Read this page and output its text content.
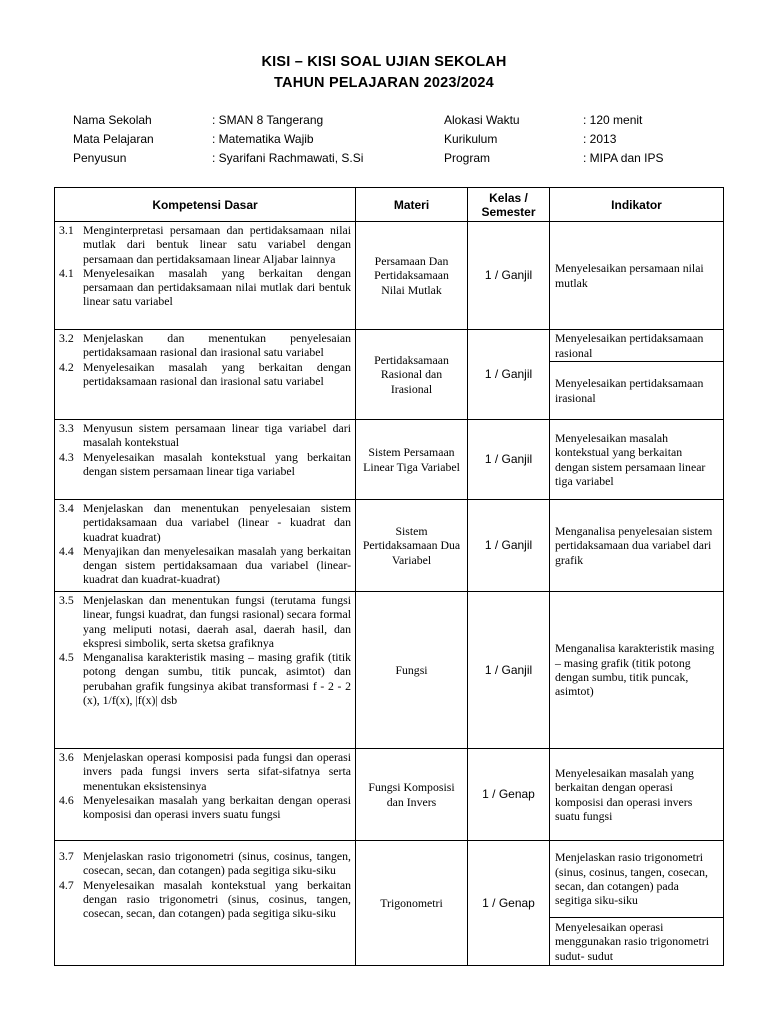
KISI – KISI SOAL UJIAN SEKOLAH
TAHUN PELAJARAN 2023/2024
Nama Sekolah	: SMAN 8 Tangerang	Alokasi Waktu	: 120 menit
Mata Pelajaran	: Matematika Wajib	Kurikulum	: 2013
Penyusun	: Syarifani Rachmawati, S.Si	Program	: MIPA dan IPS
Kompetensi Dasar	Materi	Kelas / Semester	Indikator

3.1 Menginterpretasi persamaan dan pertidaksamaan nilai mutlak dari bentuk linear satu variabel dengan persamaan dan pertidaksamaan linear Aljabar lainnya
4.1 Menyelesaikan masalah yang berkaitan dengan persamaan dan pertidaksamaan nilai mutlak dari bentuk linear satu variabel	Persamaan Dan Pertidaksamaan Nilai Mutlak	1 / Ganjil	Menyelesaikan persamaan nilai mutlak

3.2 Menjelaskan dan menentukan penyelesaian pertidaksamaan rasional dan irasional satu variabel
4.2 Menyelesaikan masalah yang berkaitan dengan pertidaksamaan rasional dan irasional satu variabel	Pertidaksamaan Rasional dan Irasional	1 / Ganjil	Menyelesaikan pertidaksamaan rasional
			Menyelesaikan pertidaksamaan irasional

3.3 Menyusun sistem persamaan linear tiga variabel dari masalah kontekstual
4.3 Menyelesaikan masalah kontekstual yang berkaitan dengan sistem persamaan linear tiga variabel	Sistem Persamaan Linear Tiga Variabel	1 / Ganjil	Menyelesaikan masalah kontekstual yang berkaitan dengan sistem persamaan linear tiga variabel

3.4 Menjelaskan dan menentukan penyelesaian sistem pertidaksamaan dua variabel (linear - kuadrat dan kuadrat kuadrat)
4.4 Menyajikan dan menyelesaikan masalah yang berkaitan dengan sistem pertidaksamaan dua variabel (linear-kuadrat dan kuadrat-kuadrat)	Sistem Pertidaksamaan Dua Variabel	1 / Ganjil	Menganalisa penyelesaian sistem pertidaksamaan dua variabel dari grafik

3.5 Menjelaskan dan menentukan fungsi (terutama fungsi linear, fungsi kuadrat, dan fungsi rasional) secara formal yang meliputi notasi, daerah asal, daerah hasil, dan ekspresi simbolik, serta sketsa grafiknya
4.5 Menganalisa karakteristik masing – masing grafik (titik potong dengan sumbu, titik puncak, asimtot) dan perubahan grafik fungsinya akibat transformasi f - 2 - 2 (x), 1/f(x), |f(x)| dsb	Fungsi	1 / Ganjil	Menganalisa karakteristik masing – masing grafik (titik potong dengan sumbu, titik puncak, asimtot)

3.6 Menjelaskan operasi komposisi pada fungsi dan operasi invers pada fungsi invers serta sifat-sifatnya serta menentukan eksistensinya
4.6 Menyelesaikan masalah yang berkaitan dengan operasi komposisi dan operasi invers suatu fungsi	Fungsi Komposisi dan Invers	1 / Genap	Menyelesaikan masalah yang berkaitan dengan operasi komposisi dan operasi invers suatu fungsi

3.7 Menjelaskan rasio trigonometri (sinus, cosinus, tangen, cosecan, secan, dan cotangen) pada segitiga siku-siku
4.7 Menyelesaikan masalah kontekstual yang berkaitan dengan rasio trigonometri (sinus, cosinus, tangen, cosecan, secan, dan cotangen) pada segitiga siku-siku	Trigonometri	1 / Genap	Menjelaskan rasio trigonometri (sinus, cosinus, tangen, cosecan, secan, dan cotangen) pada segitiga siku-siku
			Menyelesaikan operasi menggunakan rasio trigonometri sudut- sudut
